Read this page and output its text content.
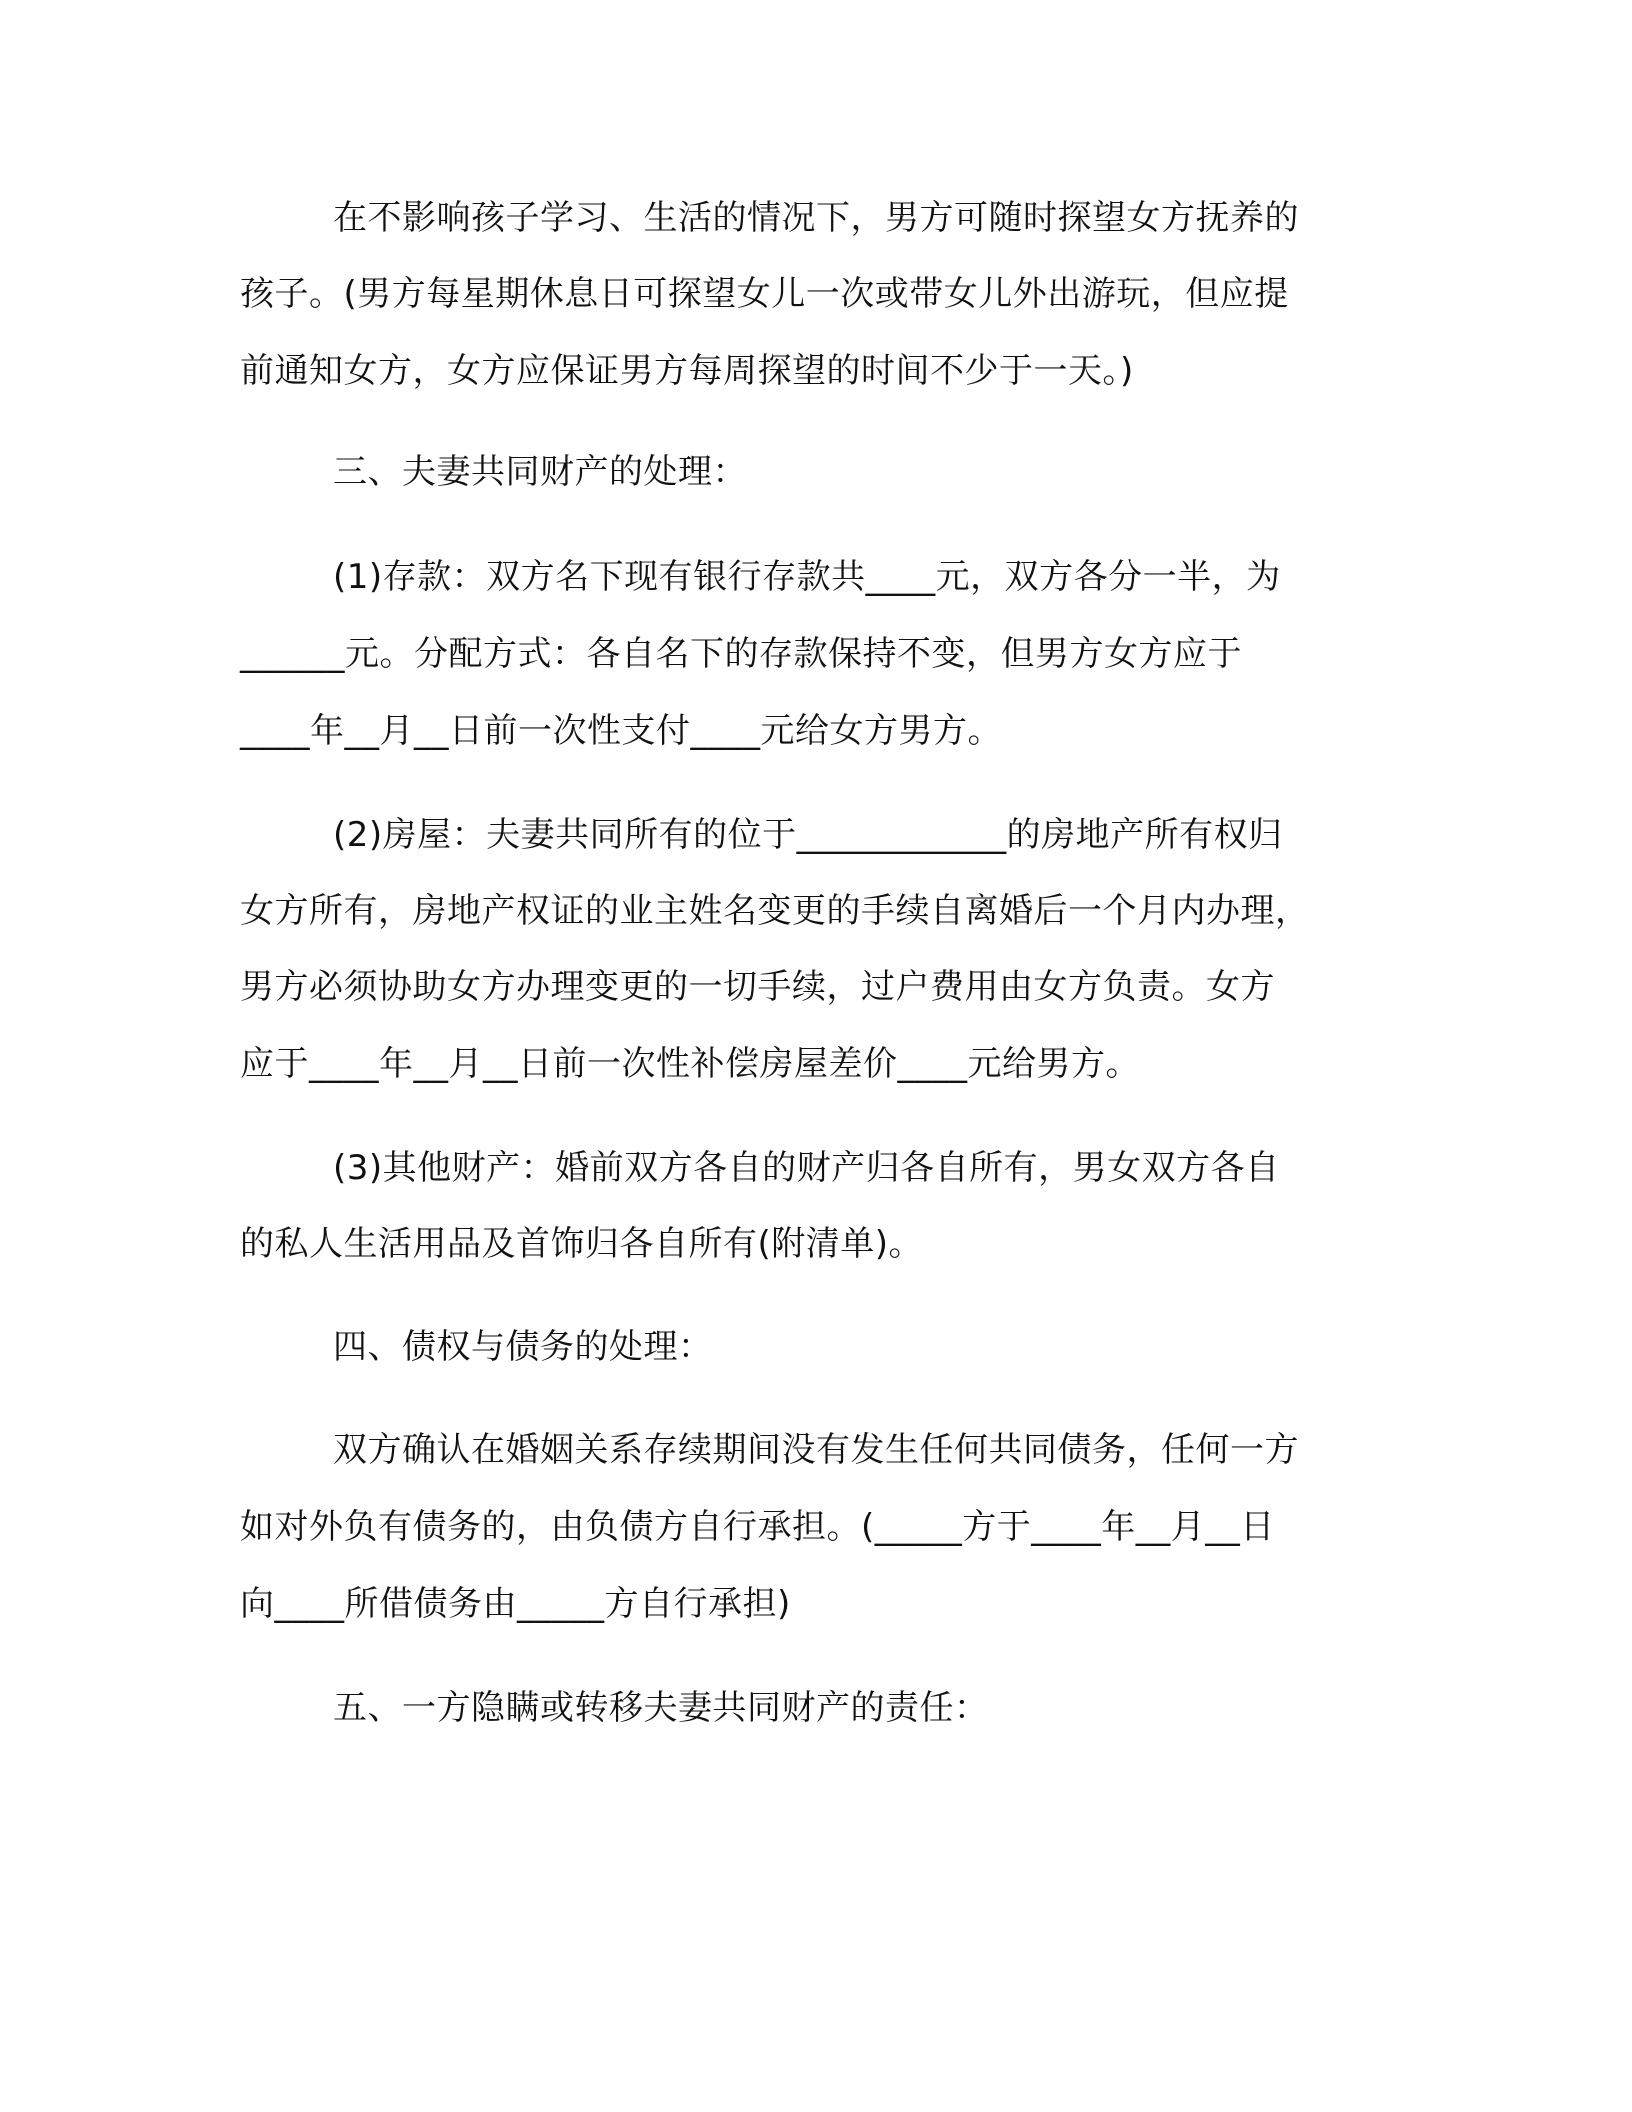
在不影响孩子学习、生活的情况下，男方可随时探望女方抚养的
孩子。(男方每星期休息日可探望女儿一次或带女儿外出游玩，但应提
前通知女方，女方应保证男方每周探望的时间不少于一天。)
三、夫妻共同财产的处理：
(1)存款：双方名下现有银行存款共____元，双方各分一半，为
______元。分配方式：各自名下的存款保持不变，但男方女方应于
____年__月__日前一次性支付____元给女方男方。
(2)房屋：夫妻共同所有的位于____________的房地产所有权归
女方所有，房地产权证的业主姓名变更的手续自离婚后一个月内办理，
男方必须协助女方办理变更的一切手续，过户费用由女方负责。女方
应于____年__月__日前一次性补偿房屋差价____元给男方。
(3)其他财产：婚前双方各自的财产归各自所有，男女双方各自
的私人生活用品及首饰归各自所有(附清单)。
四、债权与债务的处理：
双方确认在婚姻关系存续期间没有发生任何共同债务，任何一方
如对外负有债务的，由负债方自行承担。(_____方于____年__月__日
向____所借债务由_____方自行承担)
五、一方隐瞒或转移夫妻共同财产的责任：
